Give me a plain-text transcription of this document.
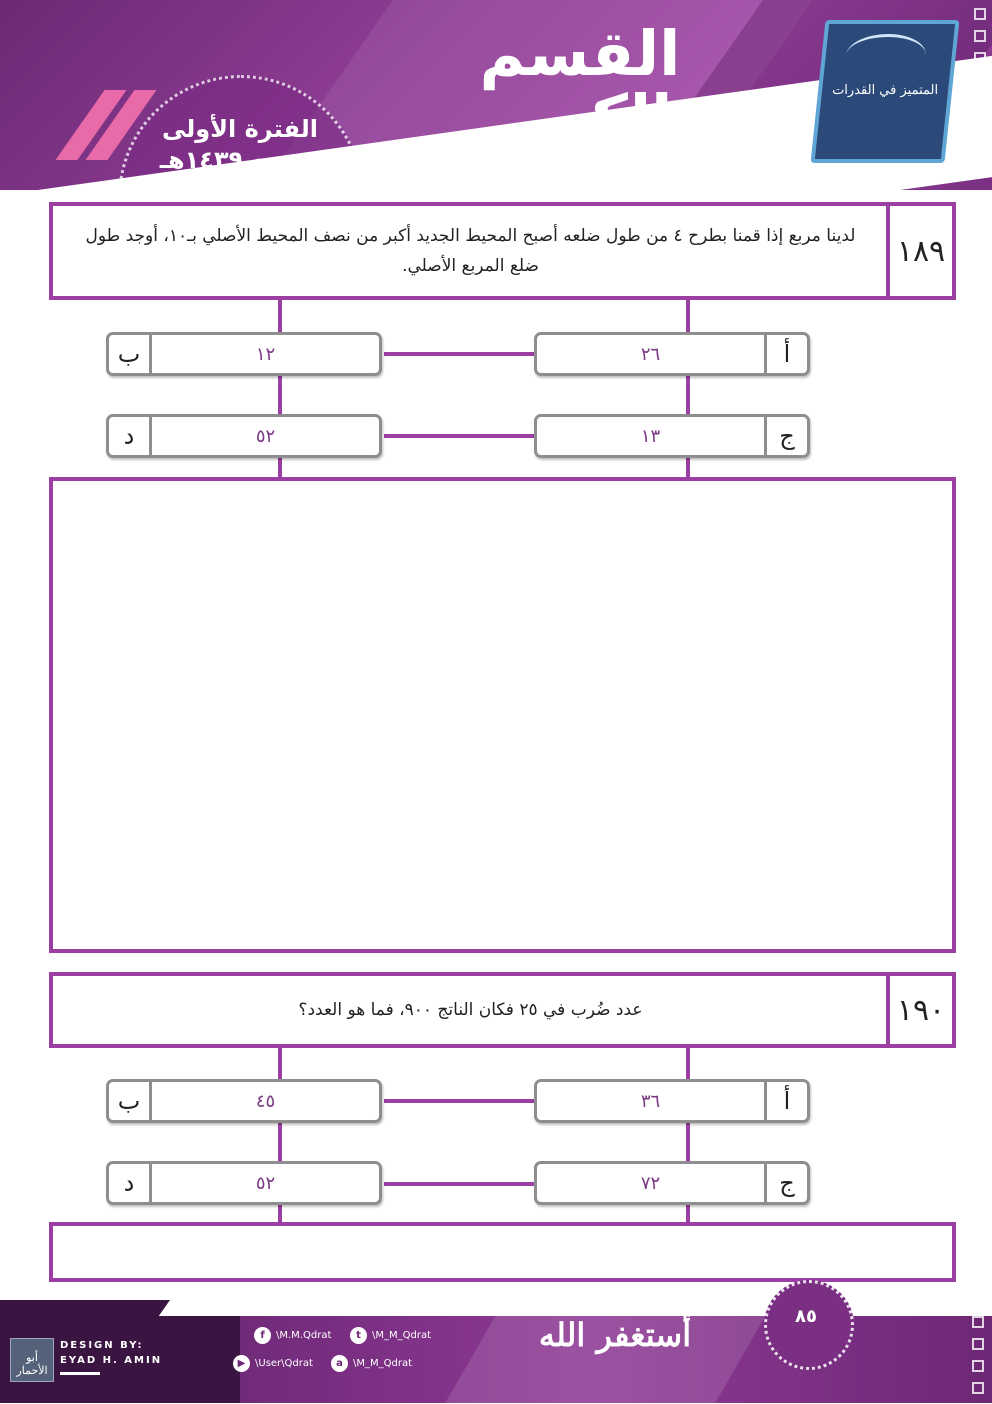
الفترة الأولى
تجميع ١٤٣٩هـ
القسم
الكمي	المتميز في القدرات
لدينا مربع إذا قمنا بطرح ٤ من طول ضلعه أصبح المحيط الجديد أكبر من نصف المحيط الأصلي بـ١٠، أوجد طول ضلع المربع الأصلي.	١٨٩
٢٦	أ
ب	١٢
١٣	ج
د	٥٢
عدد ضُرب في ٢٥ فكان الناتج ٩٠٠، فما هو العدد؟	١٩٠
٣٦	أ
ب	٤٥
٧٢	ج
د	٥٢
أبو الأحمار
DESIGN BY:
EYAD H. AMIN
f	\M.M.Qdrat	t	\M_M_Qdrat
▶ \User\Qdrat	a	\M_M_Qdrat
أستغفر الله	٨٥
